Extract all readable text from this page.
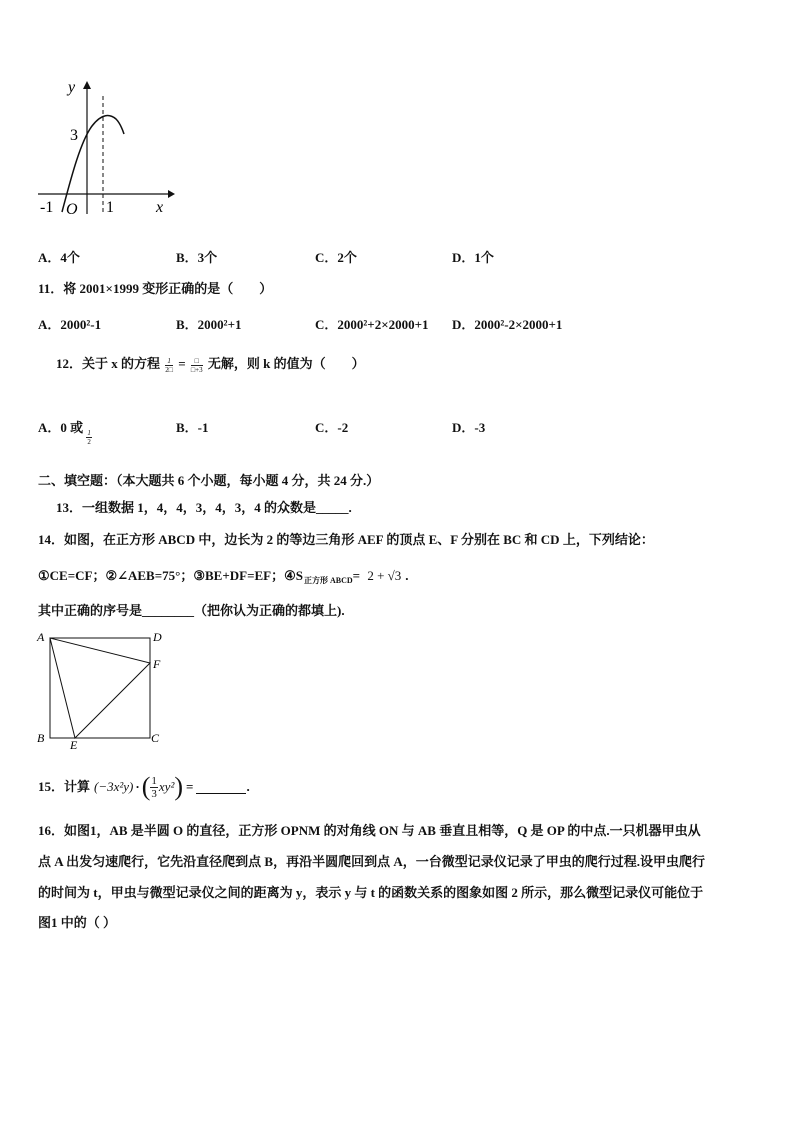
y
x
3
-1 O 1
A．4个	B．3个	C．2个	D．1个
11．将 2001×1999 变形正确的是（　　）
A．2000²-1	B．2000²+1	C．2000²+2×2000+1 D．2000²-2×2000+1
12．关于 x 的方程 $\frac{1}{2□} = \frac{□}{□+3}$ 无解，则 k 的值为（　　）
A．0 或
$\frac{1}{2}$
B．-1	C．-2	D．-3
二、填空题：（本大题共 6 个小题，每小题 4 分，共 24 分.）
13．一组数据 1，4，4，3，4，3，4 的众数是_____.
14．如图，在正方形 ABCD 中，边长为 2 的等边三角形 AEF 的顶点 E、F 分别在 BC 和 CD 上，下列结论：
①CE=CF；②∠AEB=75°；③BE+DF=EF；$④S_{正方形 ABCD}= 2 + √3$ .
其中正确的序号是________（把你认为正确的都填上).
A	D
F
B E	C
15．计算 (−3x²y) · ( $\frac{1}{3} xy^2$ ) =	.
16．如图1，AB 是半圆 O 的直径，正方形 OPNM 的对角线 ON 与 AB 垂直且相等，Q 是 OP 的中点.一只机器甲虫从
点 A 出发匀速爬行，它先沿直径爬到点 B，再沿半圆爬回到点 A，一台微型记录仪记录了甲虫的爬行过程.设甲虫爬行
的时间为 t，甲虫与微型记录仪之间的距离为 y，表示 y 与 t 的函数关系的图象如图 2 所示，那么微型记录仪可能位于
图1 中的（ ）
